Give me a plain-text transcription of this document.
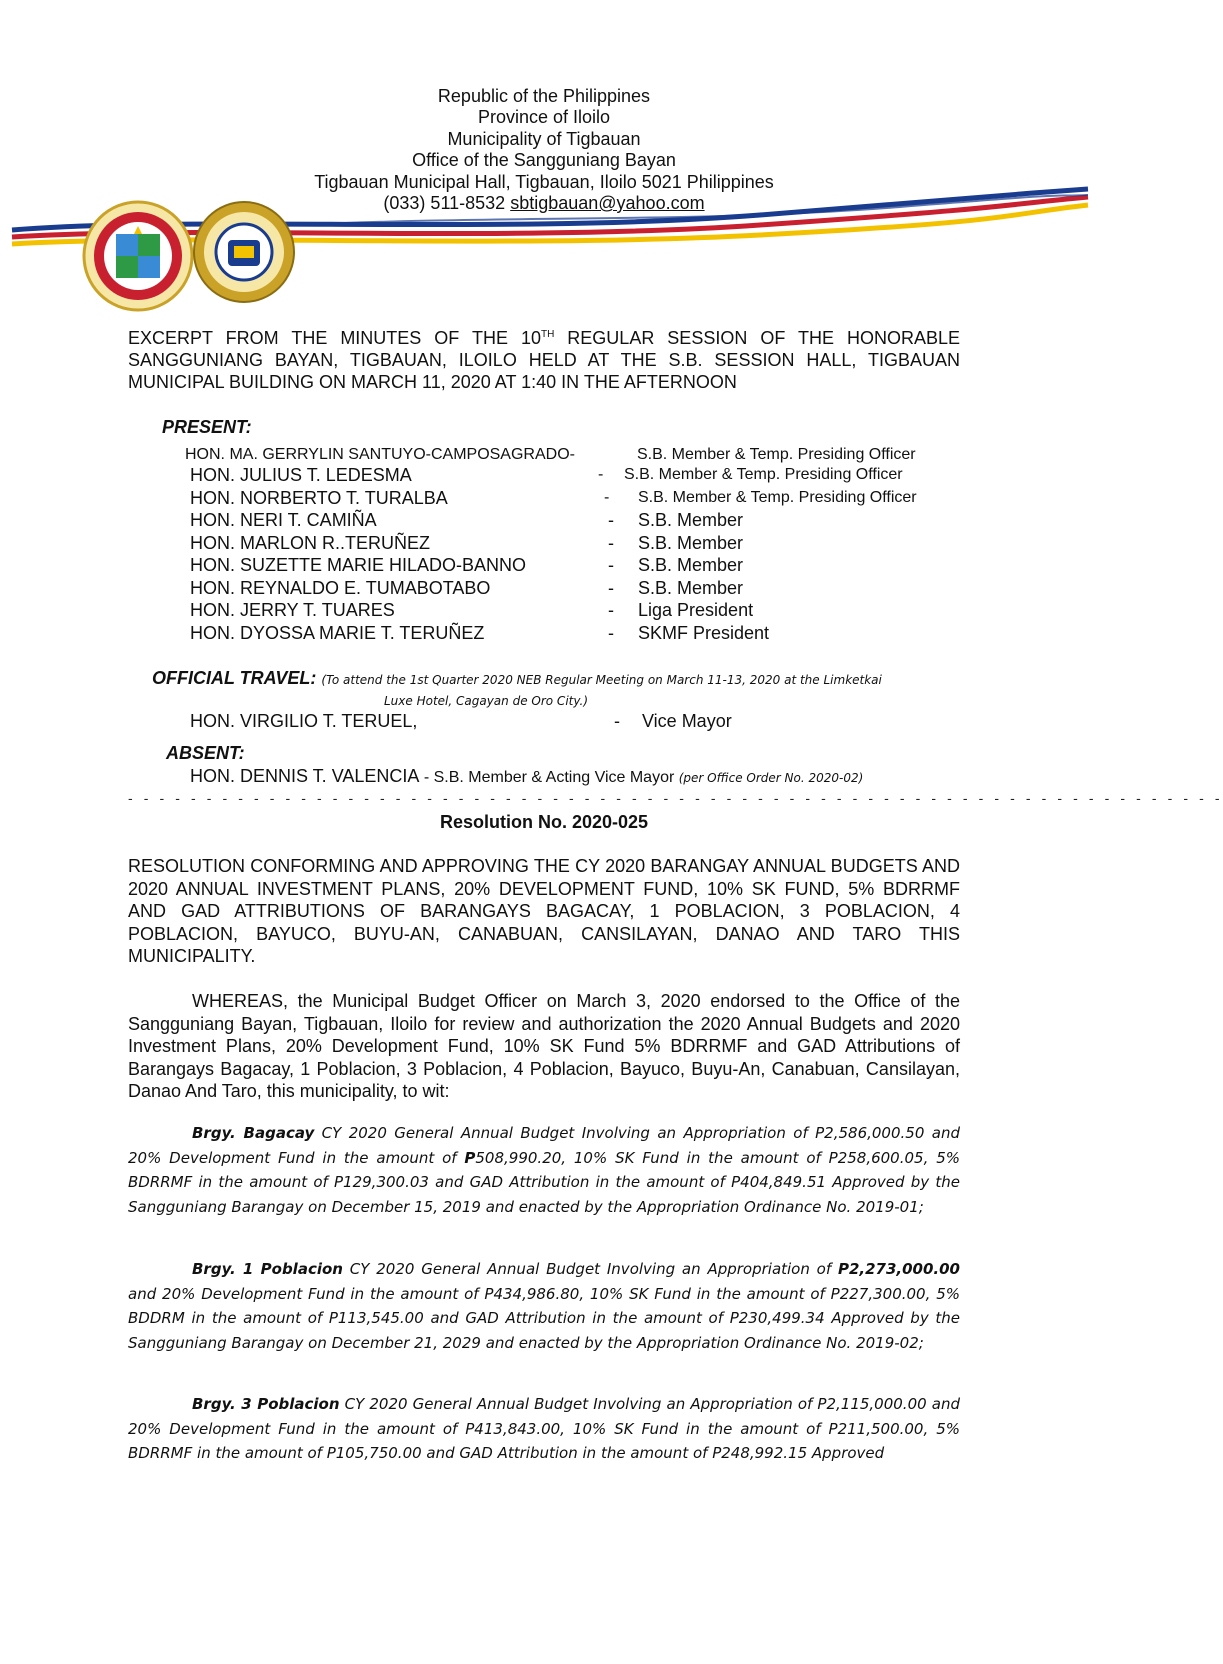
Republic of the Philippines
Province of Iloilo
Municipality of Tigbauan
Office of the Sangguniang Bayan
Tigbauan Municipal Hall, Tigbauan, Iloilo 5021 Philippines
(033) 511-8532 sbtigbauan@yahoo.com
EXCERPT FROM THE MINUTES OF THE 10TH REGULAR SESSION OF THE HONORABLE SANGGUNIANG BAYAN, TIGBAUAN, ILOILO HELD AT THE S.B. SESSION HALL, TIGBAUAN MUNICIPAL BUILDING ON MARCH 11, 2020 AT 1:40 IN THE AFTERNOON
PRESENT:
HON. MA. GERRYLIN SANTUYO-CAMPOSAGRADO-	S.B. Member & Temp. Presiding Officer
HON. JULIUS T. LEDESMA	- S.B. Member & Temp. Presiding Officer
HON. NORBERTO T. TURALBA	- S.B. Member & Temp. Presiding Officer
HON. NERI T. CAMIÑA	- S.B. Member
HON. MARLON R..TERUÑEZ	- S.B. Member
HON. SUZETTE MARIE HILADO-BANNO	- S.B. Member
HON. REYNALDO E. TUMABOTABO	- S.B. Member
HON. JERRY T. TUARES	- Liga President
HON. DYOSSA MARIE T. TERUÑEZ	- SKMF President
OFFICIAL TRAVEL: (To attend the 1st Quarter 2020 NEB Regular Meeting on March 11-13, 2020 at the Limketkai
Luxe Hotel, Cagayan de Oro City.)
HON. VIRGILIO T. TERUEL,	- Vice Mayor
ABSENT:
HON. DENNIS T. VALENCIA - S.B. Member & Acting Vice Mayor (per Office Order No. 2020-02)
- - - - - - - - - - - - - - - - - - - - - - - - - - - - - - - - - - - - - - - - - - - - - - - - - - - - - - - - - - - - - - - - - - - - - -
Resolution No. 2020-025
RESOLUTION CONFORMING AND APPROVING THE CY 2020 BARANGAY ANNUAL BUDGETS AND 2020 ANNUAL INVESTMENT PLANS, 20% DEVELOPMENT FUND, 10% SK FUND, 5% BDRRMF AND GAD ATTRIBUTIONS OF BARANGAYS BAGACAY, 1 POBLACION, 3 POBLACION, 4 POBLACION, BAYUCO, BUYU-AN, CANABUAN, CANSILAYAN, DANAO AND TARO THIS MUNICIPALITY.
WHEREAS, the Municipal Budget Officer on March 3, 2020 endorsed to the Office of the Sangguniang Bayan, Tigbauan, Iloilo for review and authorization the 2020 Annual Budgets and 2020 Investment Plans, 20% Development Fund, 10% SK Fund 5% BDRRMF and GAD Attributions of Barangays Bagacay, 1 Poblacion, 3 Poblacion, 4 Poblacion, Bayuco, Buyu-An, Canabuan, Cansilayan, Danao And Taro, this municipality, to wit:
Brgy. Bagacay CY 2020 General Annual Budget Involving an Appropriation of P2,586,000.50 and 20% Development Fund in the amount of P508,990.20, 10% SK Fund in the amount of P258,600.05, 5% BDRRMF in the amount of P129,300.03 and GAD Attribution in the amount of P404,849.51 Approved by the Sangguniang Barangay on December 15, 2019 and enacted by the Appropriation Ordinance No. 2019-01;
Brgy. 1 Poblacion CY 2020 General Annual Budget Involving an Appropriation of P2,273,000.00 and 20% Development Fund in the amount of P434,986.80, 10% SK Fund in the amount of P227,300.00, 5% BDDRM in the amount of P113,545.00 and GAD Attribution in the amount of P230,499.34 Approved by the Sangguniang Barangay on December 21, 2029 and enacted by the Appropriation Ordinance No. 2019-02;
Brgy. 3 Poblacion CY 2020 General Annual Budget Involving an Appropriation of P2,115,000.00 and 20% Development Fund in the amount of P413,843.00, 10% SK Fund in the amount of P211,500.00, 5% BDRRMF in the amount of P105,750.00 and GAD Attribution in the amount of P248,992.15 Approved
